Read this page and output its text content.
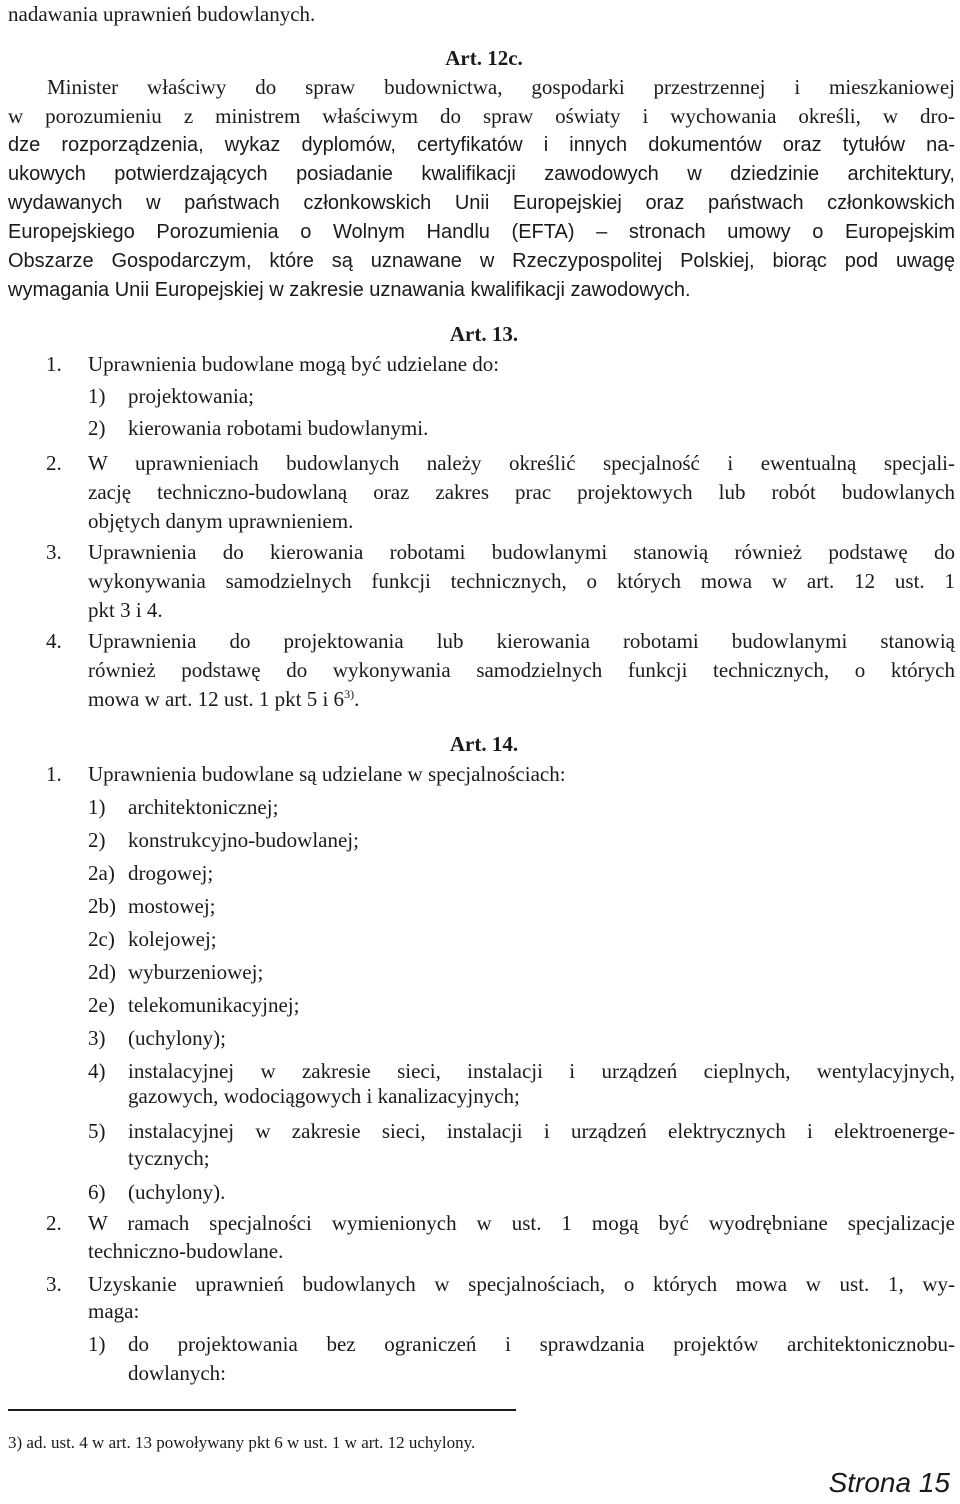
nadawania uprawnień budowlanych.
Art. 12c.
Minister właściwy do spraw budownictwa, gospodarki przestrzennej i mieszkaniowej
w porozumieniu z ministrem właściwym do spraw oświaty i wychowania określi, w dro-
dze rozporządzenia, wykaz dyplomów, certyfikatów i innych dokumentów oraz tytułów na-
ukowych potwierdzających posiadanie kwalifikacji zawodowych w dziedzinie architektury,
wydawanych w państwach członkowskich Unii Europejskiej oraz państwach członkowskich
Europejskiego Porozumienia o Wolnym Handlu (EFTA) – stronach umowy o Europejskim
Obszarze Gospodarczym, które są uznawane w Rzeczypospolitej Polskiej, biorąc pod uwagę
wymagania Unii Europejskiej w zakresie uznawania kwalifikacji zawodowych.
Art. 13.
1. Uprawnienia budowlane mogą być udzielane do:
1) projektowania;
2) kierowania robotami budowlanymi.
2. W uprawnieniach budowlanych należy określić specjalność i ewentualną specjali-
zację techniczno-budowlaną oraz zakres prac projektowych lub robót budowlanych
objętych danym uprawnieniem.
3. Uprawnienia do kierowania robotami budowlanymi stanowią również podstawę do
wykonywania samodzielnych funkcji technicznych, o których mowa w art. 12 ust. 1
pkt 3 i 4.
4. Uprawnienia do projektowania lub kierowania robotami budowlanymi stanowią
również podstawę do wykonywania samodzielnych funkcji technicznych, o których
mowa w art. 12 ust. 1 pkt 5 i 6$^{3)}$.
Art. 14.
1. Uprawnienia budowlane są udzielane w specjalnościach:
1) architektonicznej;
2) konstrukcyjno-budowlanej;
2a) drogowej;
2b) mostowej;
2c) kolejowej;
2d) wyburzeniowej;
2e) telekomunikacyjnej;
3) (uchylony);
4) instalacyjnej w zakresie sieci, instalacji i urządzeń cieplnych, wentylacyjnych,
gazowych, wodociągowych i kanalizacyjnych;
5) instalacyjnej w zakresie sieci, instalacji i urządzeń elektrycznych i elektroenerge-
tycznych;
6) (uchylony).
2. W ramach specjalności wymienionych w ust. 1 mogą być wyodrębniane specjalizacje
techniczno-budowlane.
3. Uzyskanie uprawnień budowlanych w specjalnościach, o których mowa w ust. 1, wy-
maga:
1) do projektowania bez ograniczeń i sprawdzania projektów architektonicznobu-
dowlanych:
3) ad. ust. 4 w art. 13 powoływany pkt 6 w ust. 1 w art. 12 uchylony.
Strona 15
